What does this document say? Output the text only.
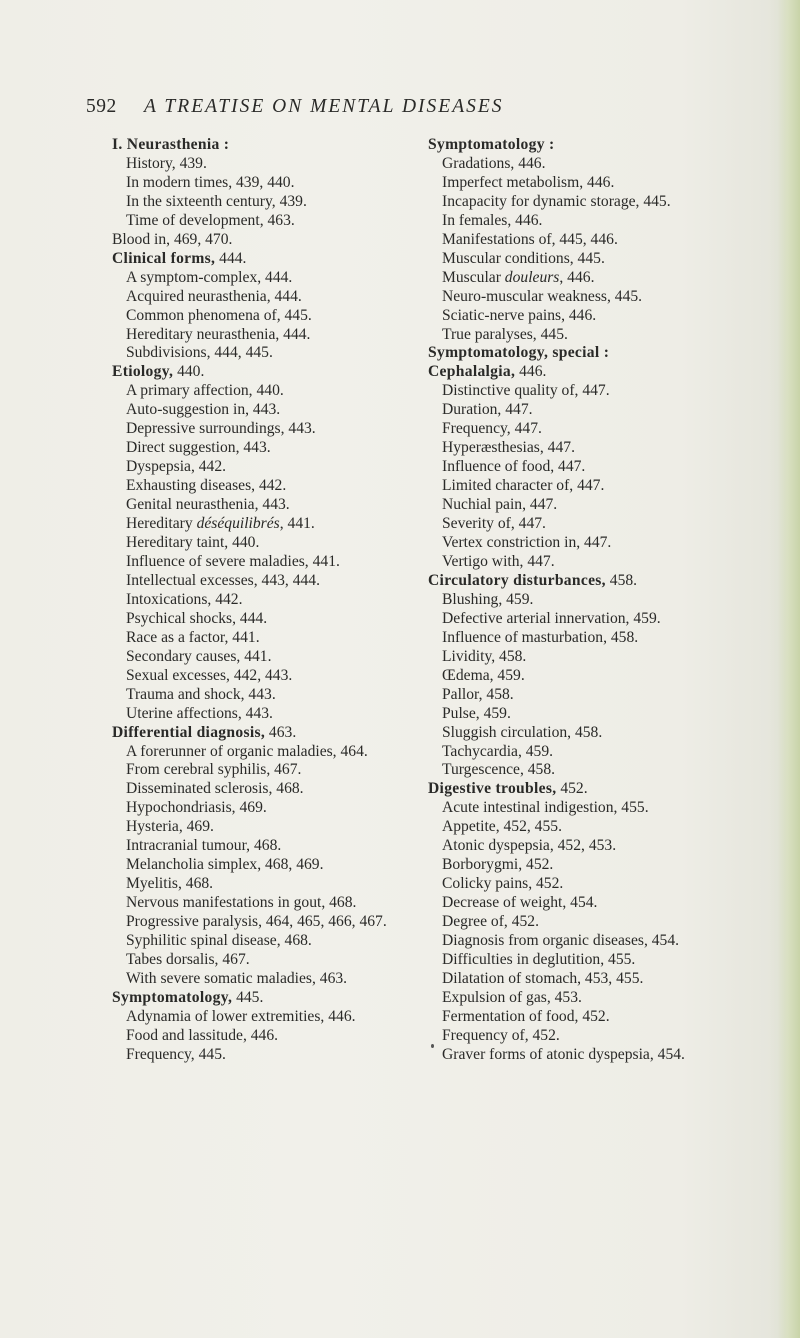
592 A TREATISE ON MENTAL DISEASES
I. Neurasthenia :
History, 439.
In modern times, 439, 440.
In the sixteenth century, 439.
Time of development, 463.
Blood in, 469, 470.
Clinical forms, 444.
A symptom-complex, 444.
Acquired neurasthenia, 444.
Common phenomena of, 445.
Hereditary neurasthenia, 444.
Subdivisions, 444, 445.
Etiology, 440.
A primary affection, 440.
Auto-suggestion in, 443.
Depressive surroundings, 443.
Direct suggestion, 443.
Dyspepsia, 442.
Exhausting diseases, 442.
Genital neurasthenia, 443.
Hereditary déséquilibrés, 441.
Hereditary taint, 440.
Influence of severe maladies, 441.
Intellectual excesses, 443, 444.
Intoxications, 442.
Psychical shocks, 444.
Race as a factor, 441.
Secondary causes, 441.
Sexual excesses, 442, 443.
Trauma and shock, 443.
Uterine affections, 443.
Differential diagnosis, 463.
A forerunner of organic maladies, 464.
From cerebral syphilis, 467.
Disseminated sclerosis, 468.
Hypochondriasis, 469.
Hysteria, 469.
Intracranial tumour, 468.
Melancholia simplex, 468, 469.
Myelitis, 468.
Nervous manifestations in gout, 468.
Progressive paralysis, 464, 465, 466, 467.
Syphilitic spinal disease, 468.
Tabes dorsalis, 467.
With severe somatic maladies, 463.
Symptomatology, 445.
Adynamia of lower extremities, 446.
Food and lassitude, 446.
Frequency, 445.
Symptomatology :
Gradations, 446.
Imperfect metabolism, 446.
Incapacity for dynamic storage, 445.
In females, 446.
Manifestations of, 445, 446.
Muscular conditions, 445.
Muscular douleurs, 446.
Neuro-muscular weakness, 445.
Sciatic-nerve pains, 446.
True paralyses, 445.
Symptomatology, special :
Cephalalgia, 446.
Distinctive quality of, 447.
Duration, 447.
Frequency, 447.
Hyperæsthesias, 447.
Influence of food, 447.
Limited character of, 447.
Nuchial pain, 447.
Severity of, 447.
Vertex constriction in, 447.
Vertigo with, 447.
Circulatory disturbances, 458.
Blushing, 459.
Defective arterial innervation, 459.
Influence of masturbation, 458.
Lividity, 458.
Œdema, 459.
Pallor, 458.
Pulse, 459.
Sluggish circulation, 458.
Tachycardia, 459.
Turgescence, 458.
Digestive troubles, 452.
Acute intestinal indigestion, 455.
Appetite, 452, 455.
Atonic dyspepsia, 452, 453.
Borborygmi, 452.
Colicky pains, 452.
Decrease of weight, 454.
Degree of, 452.
Diagnosis from organic diseases, 454.
Difficulties in deglutition, 455.
Dilatation of stomach, 453, 455.
Expulsion of gas, 453.
Fermentation of food, 452.
Frequency of, 452.
Graver forms of atonic dyspepsia, 454.
